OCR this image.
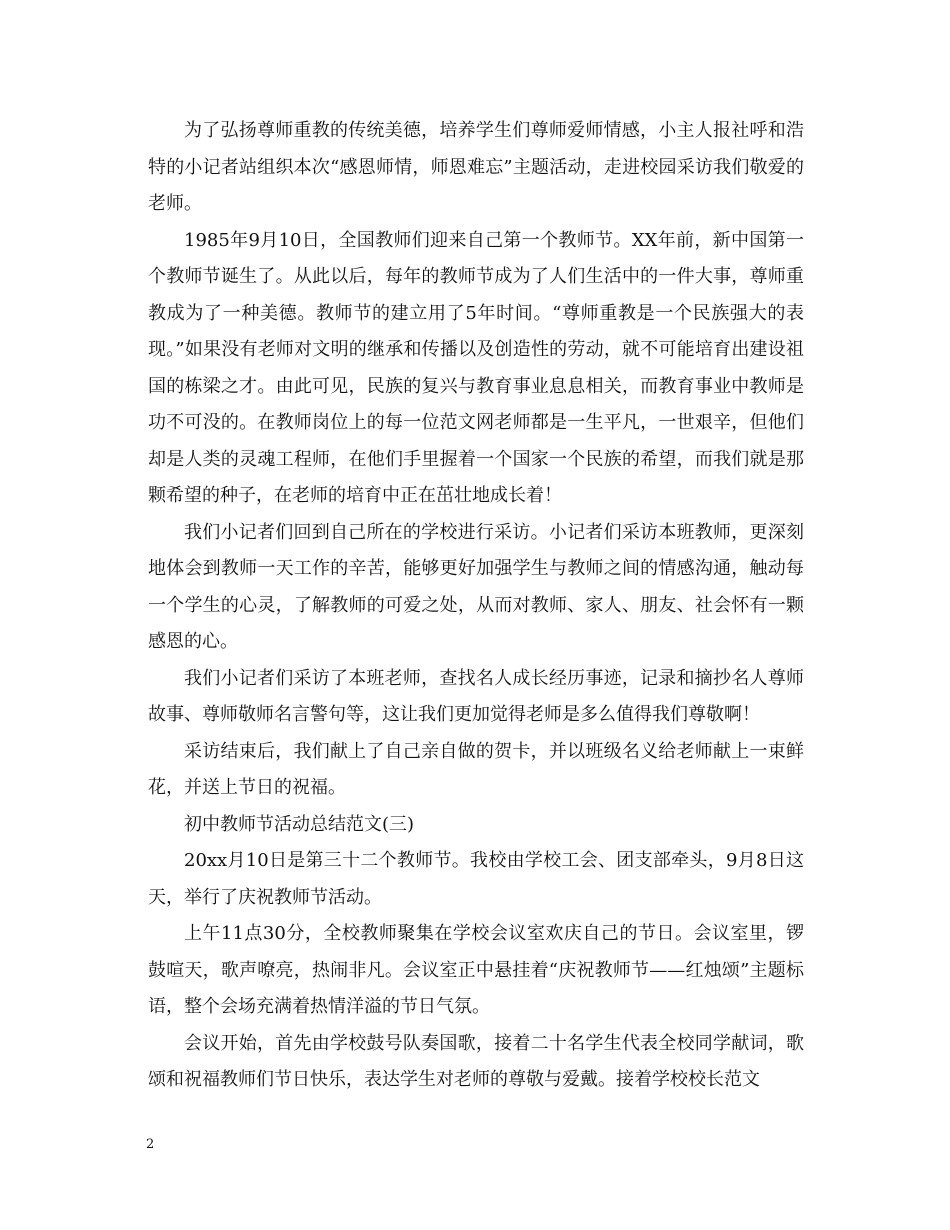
为了弘扬尊师重教的传统美德，培养学生们尊师爱师情感，小主人报社呼和浩特的小记者站组织本次“感恩师情，师恩难忘”主题活动，走进校园采访我们敬爱的老师。

1985年9月10日，全国教师们迎来自己第一个教师节。XX年前，新中国第一个教师节诞生了。从此以后，每年的教师节成为了人们生活中的一件大事，尊师重教成为了一种美德。教师节的建立用了5年时间。“尊师重教是一个民族强大的表现。”如果没有老师对文明的继承和传播以及创造性的劳动，就不可能培育出建设祖国的栋梁之才。由此可见，民族的复兴与教育事业息息相关，而教育事业中教师是功不可没的。在教师岗位上的每一位范文网老师都是一生平凡，一世艰辛，但他们却是人类的灵魂工程师，在他们手里握着一个国家一个民族的希望，而我们就是那颗希望的种子，在老师的培育中正在茁壮地成长着！

我们小记者们回到自己所在的学校进行采访。小记者们采访本班教师，更深刻地体会到教师一天工作的辛苦，能够更好加强学生与教师之间的情感沟通，触动每一个学生的心灵，了解教师的可爱之处，从而对教师、家人、朋友、社会怀有一颗感恩的心。

我们小记者们采访了本班老师，查找名人成长经历事迹，记录和摘抄名人尊师故事、尊师敬师名言警句等，这让我们更加觉得老师是多么值得我们尊敬啊！

采访结束后，我们献上了自己亲自做的贺卡，并以班级名义给老师献上一束鲜花，并送上节日的祝福。

初中教师节活动总结范文(三)

20xx月10日是第三十二个教师节。我校由学校工会、团支部牵头，9月8日这天，举行了庆祝教师节活动。

上午11点30分，全校教师聚集在学校会议室欢庆自己的节日。会议室里，锣鼓喧天，歌声嘹亮，热闹非凡。会议室正中悬挂着“庆祝教师节——红烛颂”主题标语，整个会场充满着热情洋溢的节日气氛。

会议开始，首先由学校鼓号队奏国歌，接着二十名学生代表全校同学献词，歌颂和祝福教师们节日快乐，表达学生对老师的尊敬与爱戴。接着学校校长范文

2
